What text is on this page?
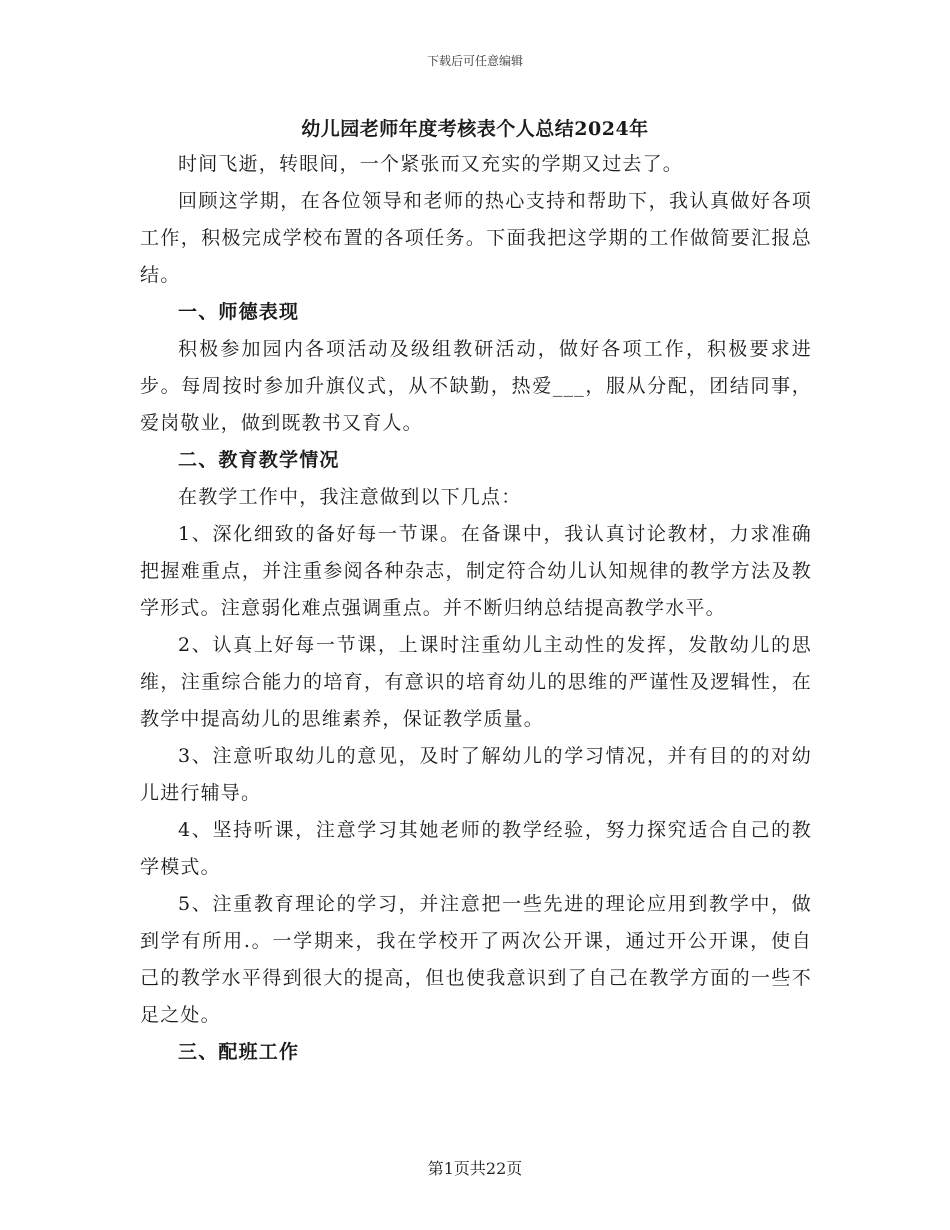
下载后可任意编辑
幼儿园老师年度考核表个人总结2024年

时间飞逝，转眼间，一个紧张而又充实的学期又过去了。

回顾这学期，在各位领导和老师的热心支持和帮助下，我认真做好各项工作，积极完成学校布置的各项任务。下面我把这学期的工作做简要汇报总结。

一、师德表现

积极参加园内各项活动及级组教研活动，做好各项工作，积极要求进步。每周按时参加升旗仪式，从不缺勤，热爱___，服从分配，团结同事，爱岗敬业，做到既教书又育人。

二、教育教学情况

在教学工作中，我注意做到以下几点：

1、深化细致的备好每一节课。在备课中，我认真讨论教材，力求准确把握难重点，并注重参阅各种杂志，制定符合幼儿认知规律的教学方法及教学形式。注意弱化难点强调重点。并不断归纳总结提高教学水平。

2、认真上好每一节课，上课时注重幼儿主动性的发挥，发散幼儿的思维，注重综合能力的培育，有意识的培育幼儿的思维的严谨性及逻辑性，在教学中提高幼儿的思维素养，保证教学质量。

3、注意听取幼儿的意见，及时了解幼儿的学习情况，并有目的的对幼儿进行辅导。

4、坚持听课，注意学习其她老师的教学经验，努力探究适合自己的教学模式。

5、注重教育理论的学习，并注意把一些先进的理论应用到教学中，做到学有所用.。一学期来，我在学校开了两次公开课，通过开公开课，使自己的教学水平得到很大的提高，但也使我意识到了自己在教学方面的一些不足之处。

三、配班工作
第1页共22页
